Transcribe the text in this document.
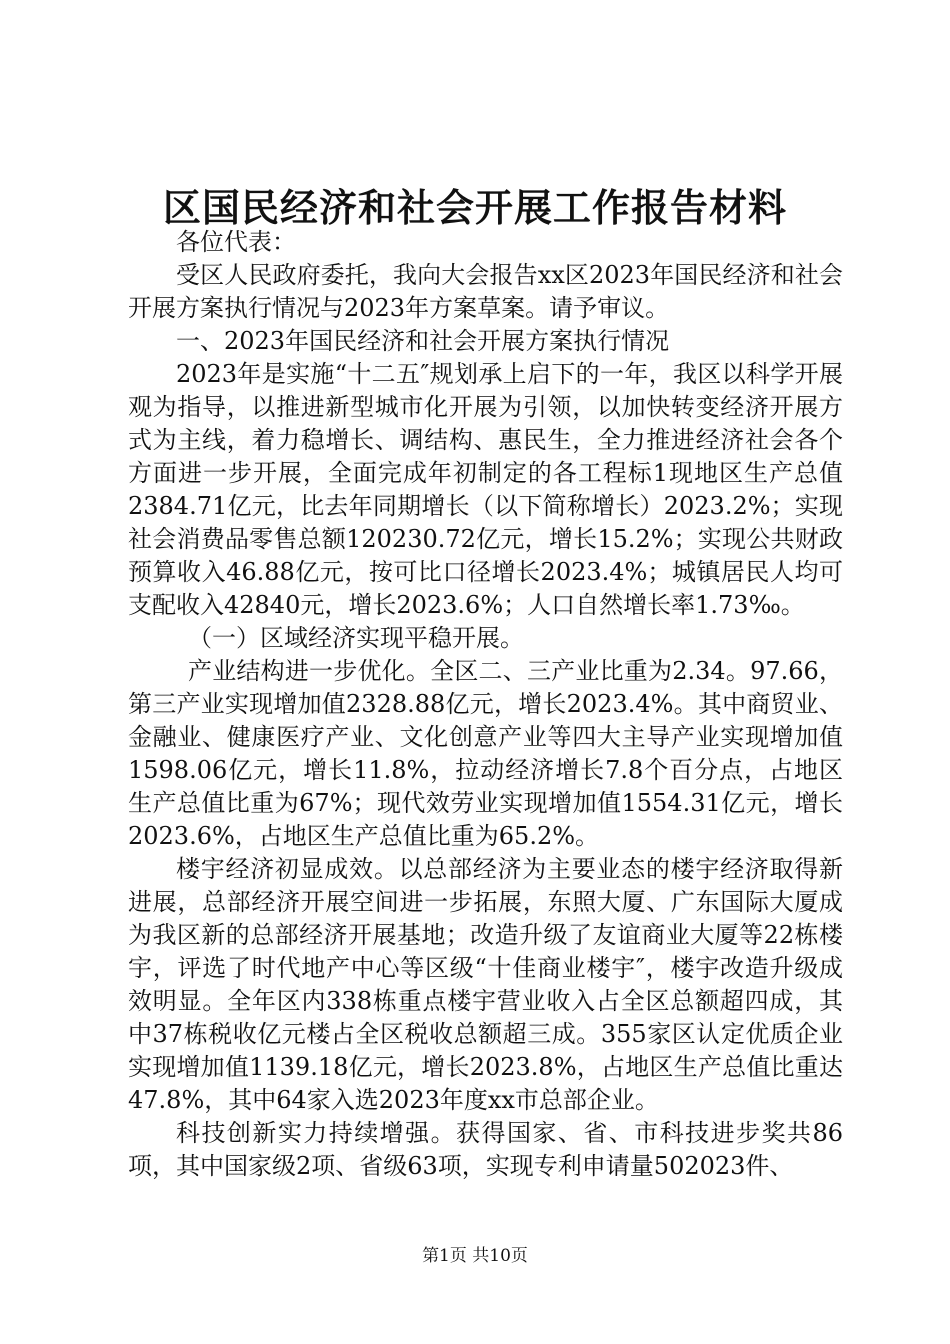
区国民经济和社会开展工作报告材料

各位代表：

受区人民政府委托，我向大会报告xx区2023年国民经济和社会开展方案执行情况与2023年方案草案。请予审议。

一、2023年国民经济和社会开展方案执行情况

2023年是实施“十二五″规划承上启下的一年，我区以科学开展观为指导，以推进新型城市化开展为引领，以加快转变经济开展方式为主线，着力稳增长、调结构、惠民生，全力推进经济社会各个方面进一步开展，全面完成年初制定的各工程标1现地区生产总值2384.71亿元，比去年同期增长（以下简称增长）2023.2%；实现社会消费品零售总额120230.72亿元，增长15.2%；实现公共财政预算收入46.88亿元，按可比口径增长2023.4%；城镇居民人均可支配收入42840元，增长2023.6%；人口自然增长率1.73‰。

（一）区域经济实现平稳开展。

产业结构进一步优化。全区二、三产业比重为2.34。97.66，第三产业实现增加值2328.88亿元，增长2023.4%。其中商贸业、金融业、健康医疗产业、文化创意产业等四大主导产业实现增加值1598.06亿元，增长11.8%，拉动经济增长7.8个百分点，占地区生产总值比重为67%；现代效劳业实现增加值1554.31亿元，增长2023.6%，占地区生产总值比重为65.2%。

楼宇经济初显成效。以总部经济为主要业态的楼宇经济取得新进展，总部经济开展空间进一步拓展，东照大厦、广东国际大厦成为我区新的总部经济开展基地；改造升级了友谊商业大厦等22栋楼宇，评选了时代地产中心等区级“十佳商业楼宇″，楼宇改造升级成效明显。全年区内338栋重点楼宇营业收入占全区总额超四成，其中37栋税收亿元楼占全区税收总额超三成。355家区认定优质企业实现增加值1139.18亿元，增长2023.8%，占地区生产总值比重达47.8%，其中64家入选2023年度xx市总部企业。

科技创新实力持续增强。获得国家、省、市科技进步奖共86项，其中国家级2项、省级63项，实现专利申请量502023件、

第1页 共10页
